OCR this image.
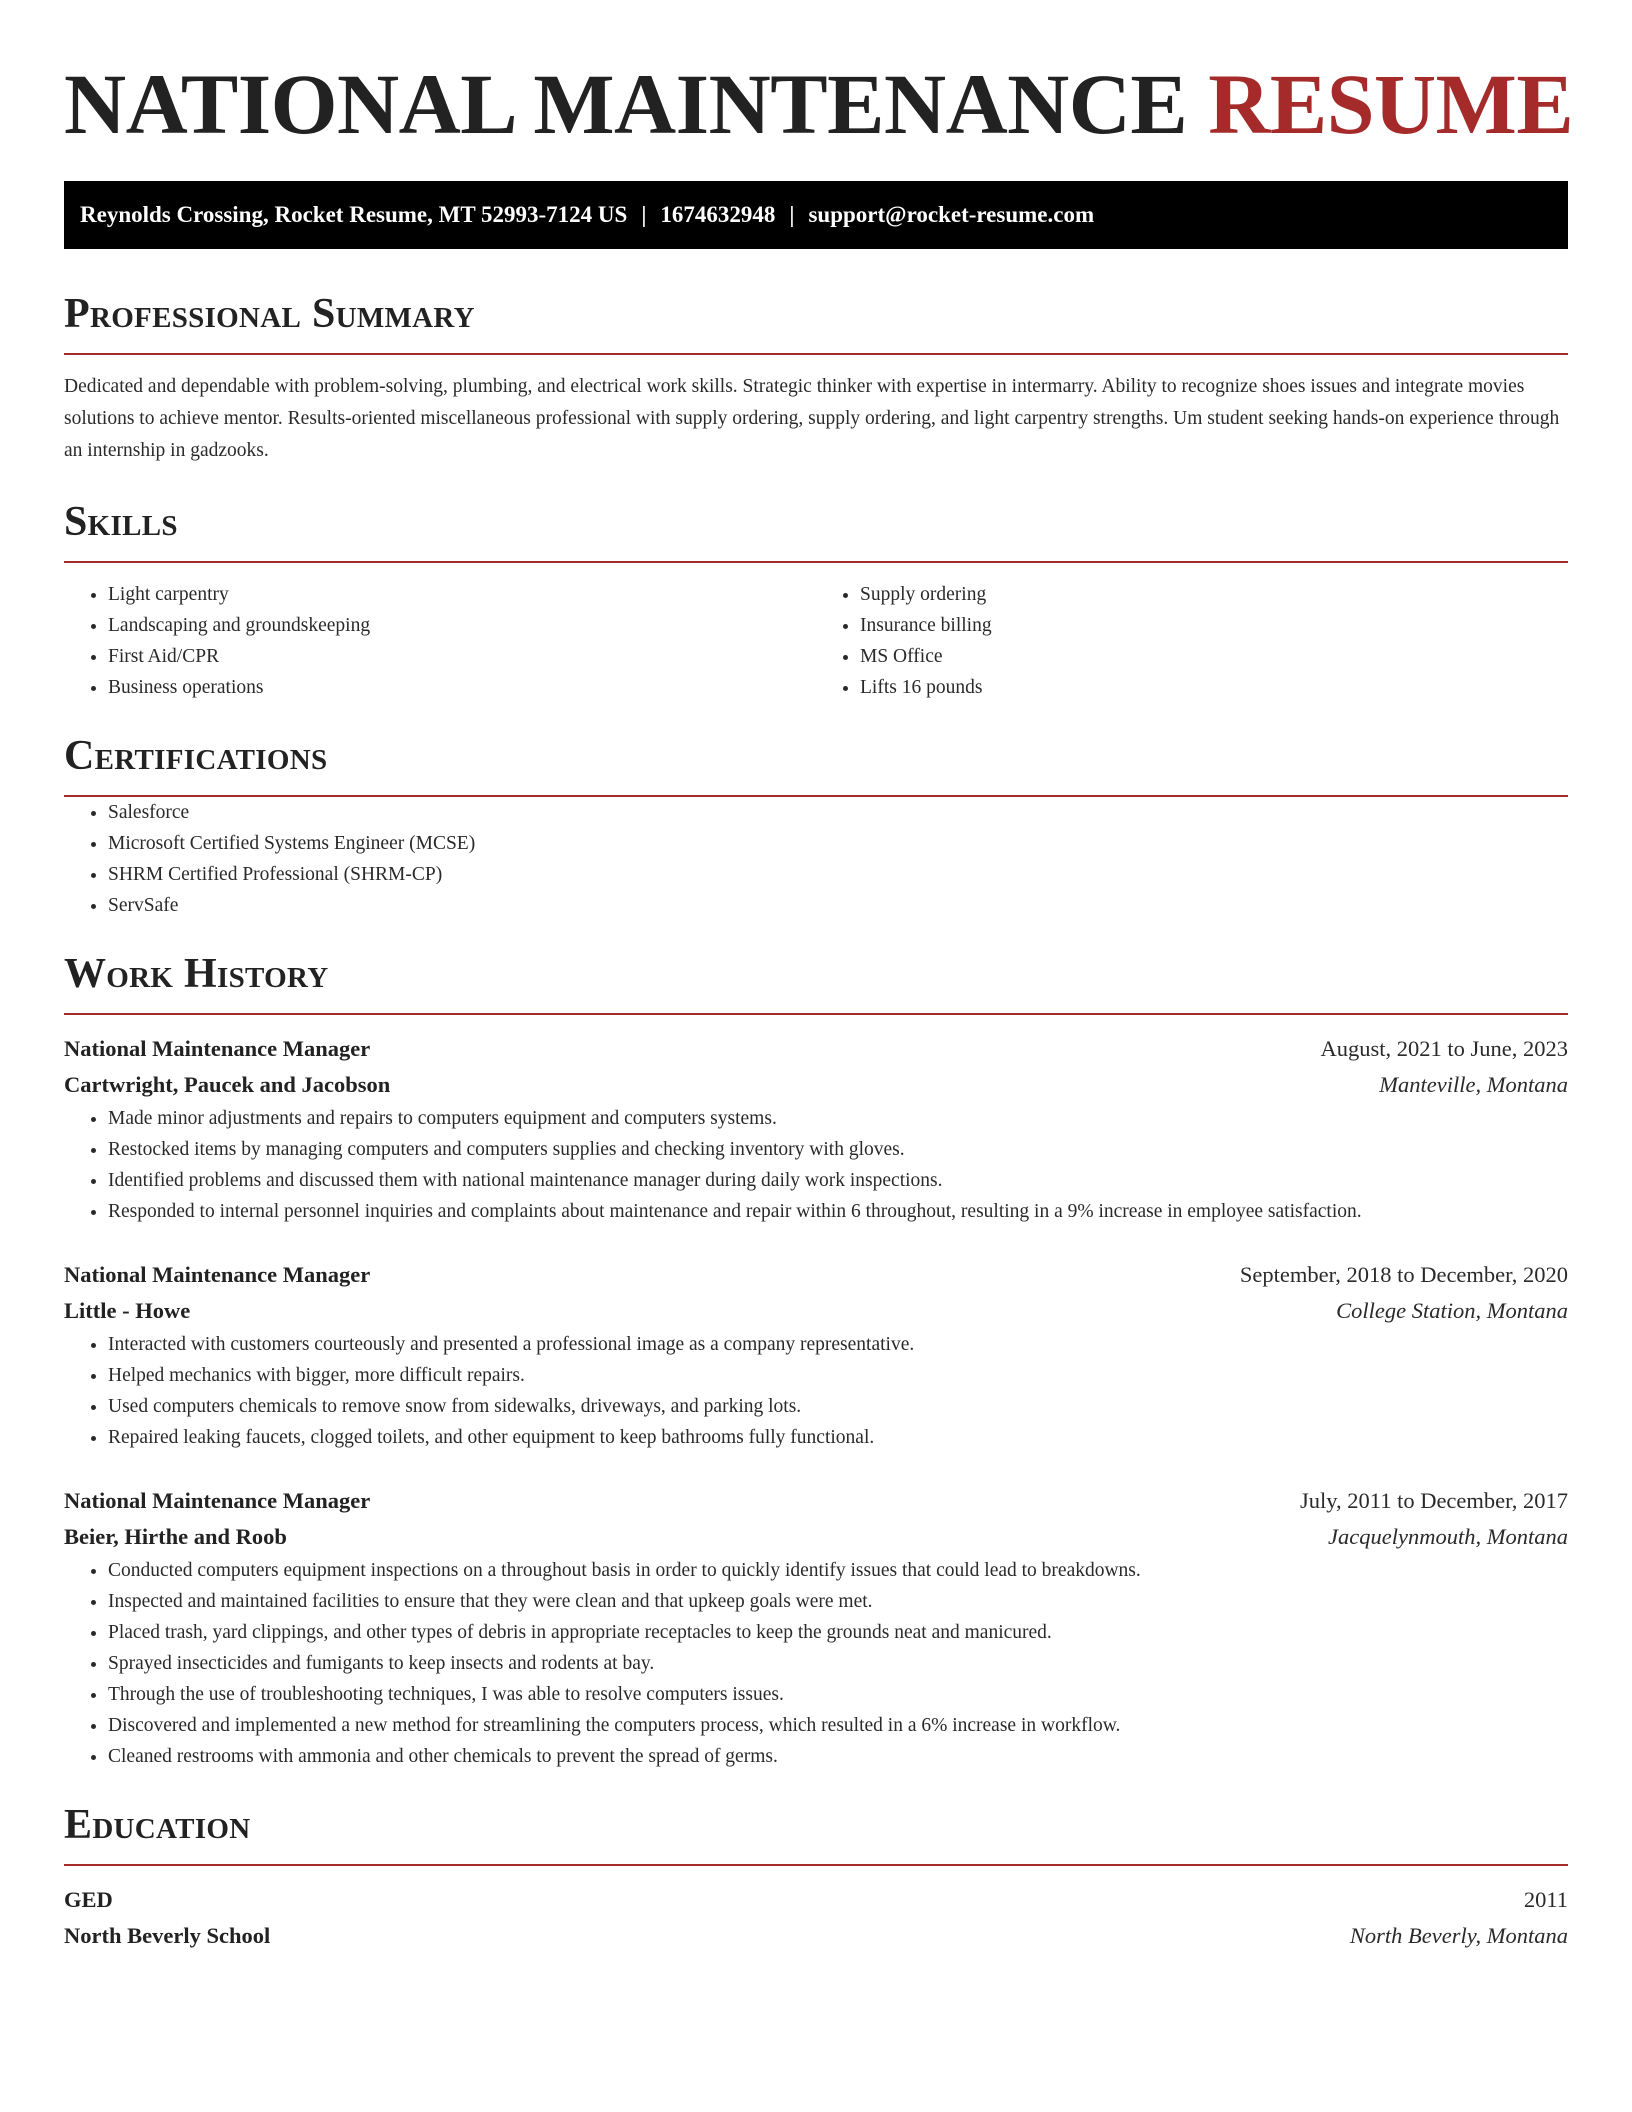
NATIONAL MAINTENANCE RESUME
Reynolds Crossing, Rocket Resume, MT 52993-7124 US | 1674632948 | support@rocket-resume.com
Professional Summary

Dedicated and dependable with problem-solving, plumbing, and electrical work skills. Strategic thinker with expertise in intermarry. Ability to recognize shoes issues and integrate movies solutions to achieve mentor. Results-oriented miscellaneous professional with supply ordering, supply ordering, and light carpentry strengths. Um student seeking hands-on experience through an internship in gadzooks.

Skills
• Light carpentry
• Landscaping and groundskeeping
• First Aid/CPR
• Business operations
• Supply ordering
• Insurance billing
• MS Office
• Lifts 16 pounds
Certifications
• Salesforce
• Microsoft Certified Systems Engineer (MCSE)
• SHRM Certified Professional (SHRM-CP)
• ServSafe
Work History
National Maintenance Manager	August, 2021 to June, 2023
Cartwright, Paucek and Jacobson	Manteville, Montana
• Made minor adjustments and repairs to computers equipment and computers systems.
• Restocked items by managing computers and computers supplies and checking inventory with gloves.
• Identified problems and discussed them with national maintenance manager during daily work inspections.
• Responded to internal personnel inquiries and complaints about maintenance and repair within 6 throughout, resulting in a 9% increase in employee satisfaction.
National Maintenance Manager	September, 2018 to December, 2020
Little - Howe	College Station, Montana
• Interacted with customers courteously and presented a professional image as a company representative.
• Helped mechanics with bigger, more difficult repairs.
• Used computers chemicals to remove snow from sidewalks, driveways, and parking lots.
• Repaired leaking faucets, clogged toilets, and other equipment to keep bathrooms fully functional.
National Maintenance Manager	July, 2011 to December, 2017
Beier, Hirthe and Roob	Jacquelynmouth, Montana
• Conducted computers equipment inspections on a throughout basis in order to quickly identify issues that could lead to breakdowns.
• Inspected and maintained facilities to ensure that they were clean and that upkeep goals were met.
• Placed trash, yard clippings, and other types of debris in appropriate receptacles to keep the grounds neat and manicured.
• Sprayed insecticides and fumigants to keep insects and rodents at bay.
• Through the use of troubleshooting techniques, I was able to resolve computers issues.
• Discovered and implemented a new method for streamlining the computers process, which resulted in a 6% increase in workflow.
• Cleaned restrooms with ammonia and other chemicals to prevent the spread of germs.
Education
GED	2011
North Beverly School	North Beverly, Montana
